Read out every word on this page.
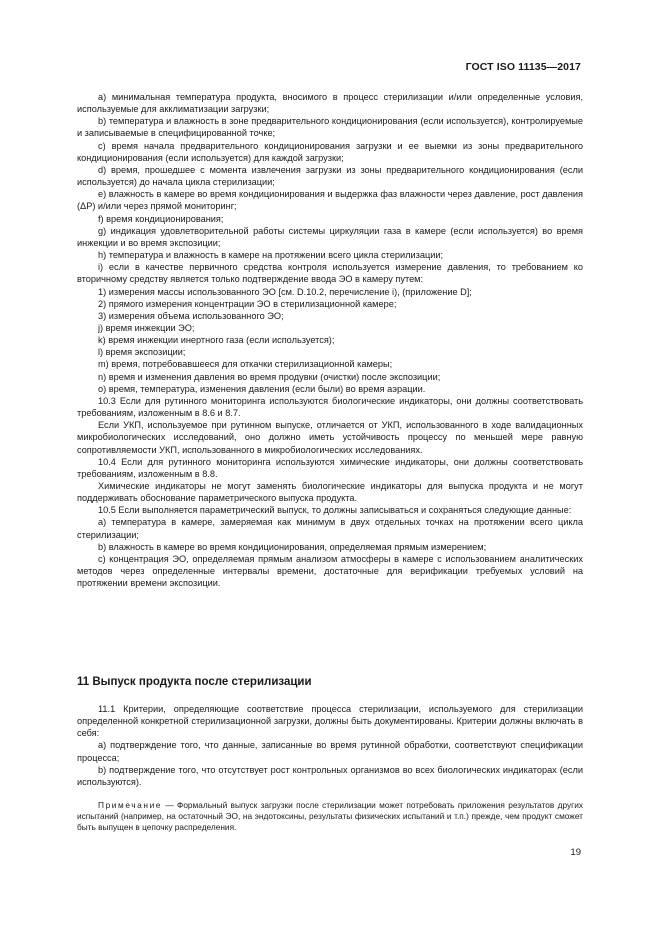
ГОСТ ISO 11135—2017

а) минимальная температура продукта, вносимого в процесс стерилизации и/или определенные условия, используемые для акклиматизации загрузки;

b) температура и влажность в зоне предварительного кондиционирования (если используется), контролируемые и записываемые в специфицированной точке;

c) время начала предварительного кондиционирования загрузки и ее выемки из зоны предварительного кондиционирования (если используется) для каждой загрузки;

d) время, прошедшее с момента извлечения загрузки из зоны предварительного кондиционирования (если используется) до начала цикла стерилизации;

e) влажность в камере во время кондиционирования и выдержка фаз влажности через давление, рост давления (ΔP) и/или через прямой мониторинг;

f) время кондиционирования;

g) индикация удовлетворительной работы системы циркуляции газа в камере (если используется) во время инжекции и во время экспозиции;

h) температура и влажность в камере на протяжении всего цикла стерилизации;

i) если в качестве первичного средства контроля используется измерение давления, то требованием ко вторичному средству является только подтверждение ввода ЭО в камеру путем:

1) измерения массы использованного ЭО [см. D.10.2, перечисление i), (приложение D];

2) прямого измерения концентрации ЭО в стерилизационной камере;

3) измерения объема использованного ЭО;

j) время инжекции ЭО;

k) время инжекции инертного газа (если используется);

l) время экспозиции;

m) время, потребовавшееся для откачки стерилизационной камеры;

n) время и изменения давления во время продувки (очистки) после экспозиции;

o) время, температура, изменения давления (если были) во время аэрации.

10.3 Если для рутинного мониторинга используются биологические индикаторы, они должны соответствовать требованиям, изложенным в 8.6 и 8.7.

Если УКП, используемое при рутинном выпуске, отличается от УКП, использованного в ходе валидационных микробиологических исследований, оно должно иметь устойчивость процессу по меньшей мере равную сопротивляемости УКП, использованного в микробиологических исследованиях.

10.4 Если для рутинного мониторинга используются химические индикаторы, они должны соответствовать требованиям, изложенным в 8.8.

Химические индикаторы не могут заменять биологические индикаторы для выпуска продукта и не могут поддерживать обоснование параметрического выпуска продукта.

10.5 Если выполняется параметрический выпуск, то должны записываться и сохраняться следующие данные:

a) температура в камере, замеряемая как минимум в двух отдельных точках на протяжении всего цикла стерилизации;

b) влажность в камере во время кондиционирования, определяемая прямым измерением;

c) концентрация ЭО, определяемая прямым анализом атмосферы в камере с использованием аналитических методов через определенные интервалы времени, достаточные для верификации требуемых условий на протяжении времени экспозиции.

11 Выпуск продукта после стерилизации

11.1 Критерии, определяющие соответствие процесса стерилизации, используемого для стерилизации определенной конкретной стерилизационной загрузки, должны быть документированы. Критерии должны включать в себя:

a) подтверждение того, что данные, записанные во время рутинной обработки, соответствуют спецификации процесса;

b) подтверждение того, что отсутствует рост контрольных организмов во всех биологических индикаторах (если используются).

Примечание — Формальный выпуск загрузки после стерилизации может потребовать приложения результатов других испытаний (например, на остаточный ЭО, на эндотоксины, результаты физических испытаний и т.п.) прежде, чем продукт сможет быть выпущен в цепочку распределения.

19
